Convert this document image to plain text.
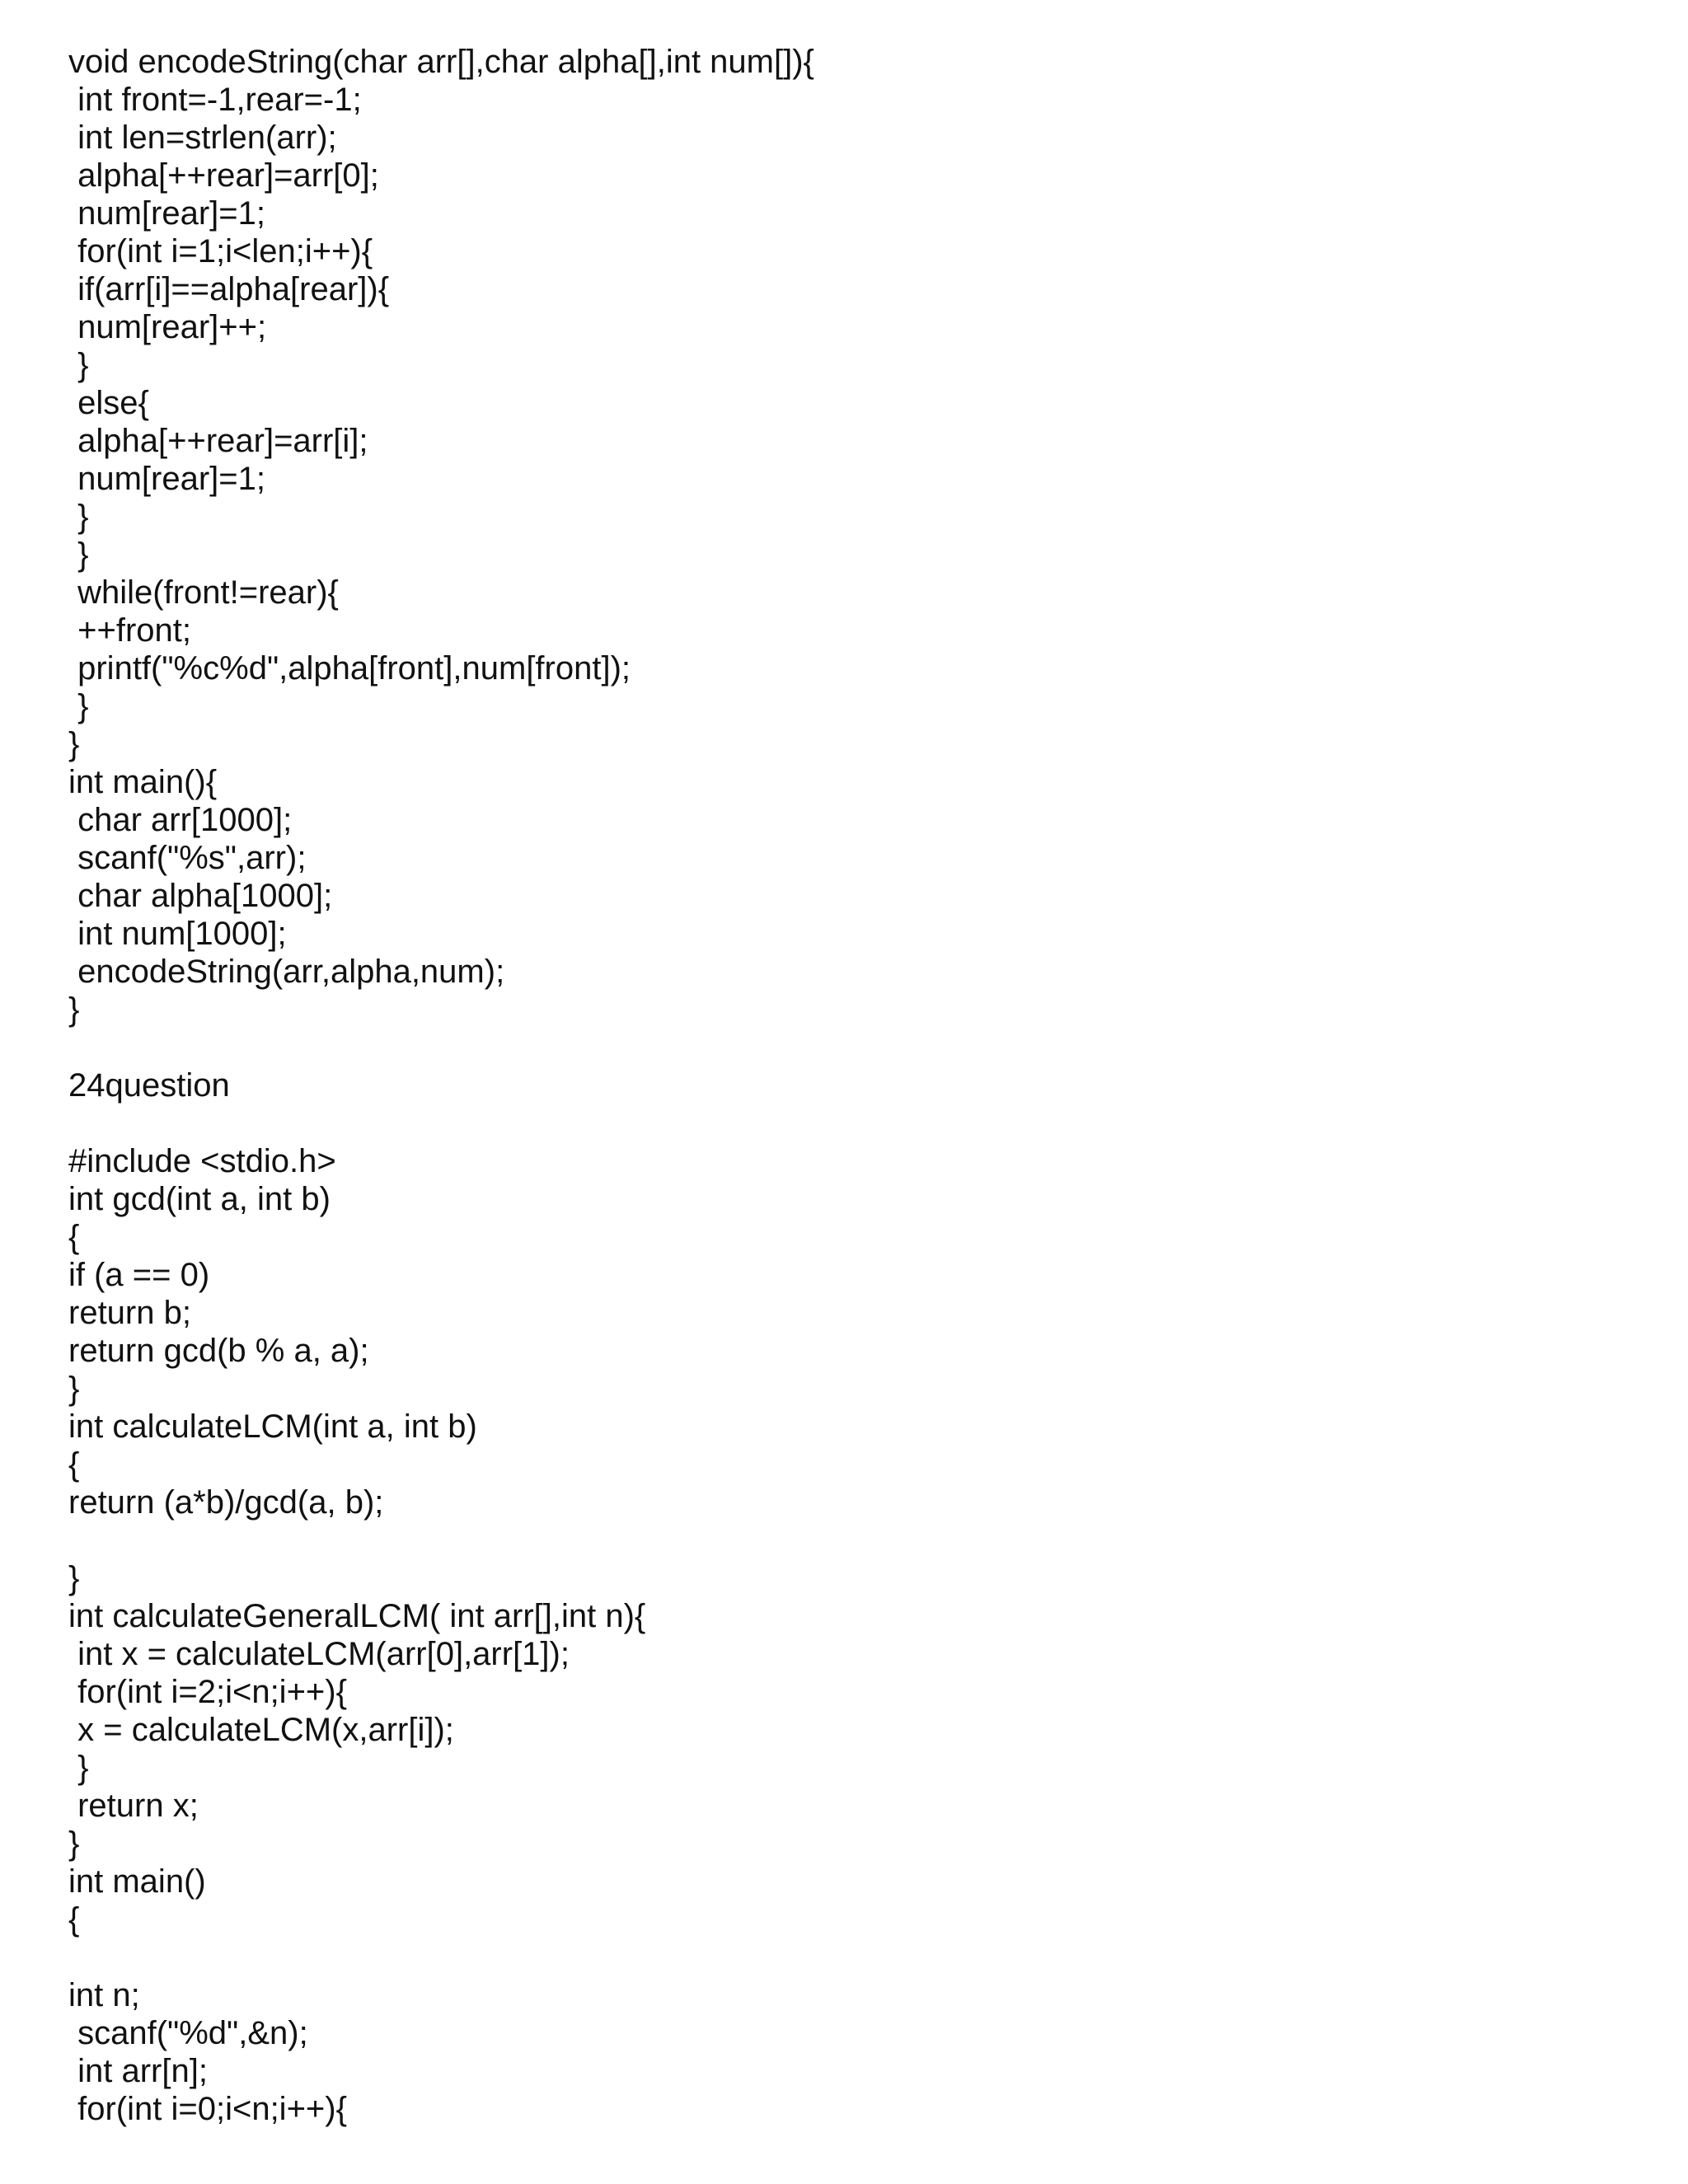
void encodeString(char arr[],char alpha[],int num[]){
int front=-1,rear=-1;
int len=strlen(arr);
alpha[++rear]=arr[0];
num[rear]=1;
for(int i=1;i<len;i++){
if(arr[i]==alpha[rear]){
num[rear]++;
}
else{
alpha[++rear]=arr[i];
num[rear]=1;
}
}
while(front!=rear){
++front;
printf("%c%d",alpha[front],num[front]);
}
}
int main(){
char arr[1000];
scanf("%s",arr);
char alpha[1000];
int num[1000];
encodeString(arr,alpha,num);
}
24question
#include <stdio.h>
int gcd(int a, int b)
{
if (a == 0)
return b;
return gcd(b % a, a);
}
int calculateLCM(int a, int b)
{
return (a*b)/gcd(a, b);
}
int calculateGeneralLCM( int arr[],int n){
int x = calculateLCM(arr[0],arr[1]);
for(int i=2;i<n;i++){
x = calculateLCM(x,arr[i]);
}
return x;
}
int main()
{
int n;
scanf("%d",&n);
int arr[n];
for(int i=0;i<n;i++){
